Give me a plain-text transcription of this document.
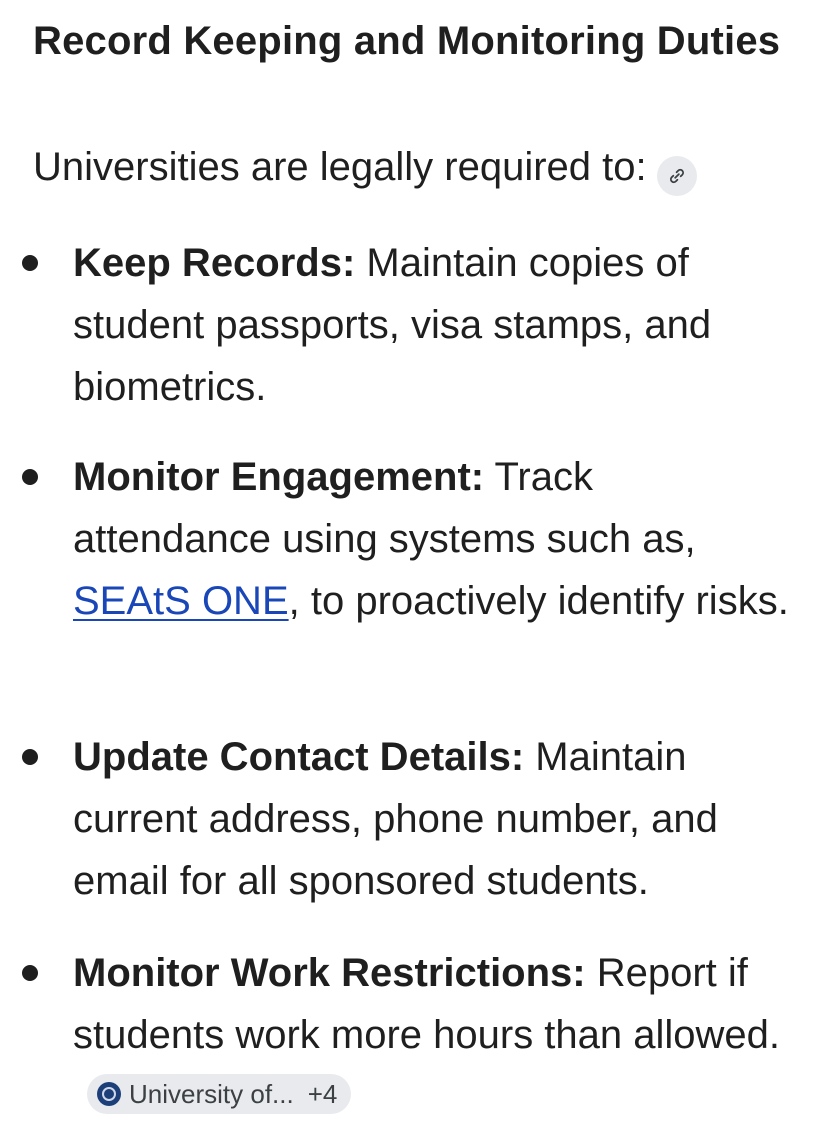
Record Keeping and Monitoring Duties

Universities are legally required to:

Keep Records: Maintain copies of student passports, visa stamps, and biometrics.

Monitor Engagement: Track attendance using systems such as, SEAtS ONE, to proactively identify risks.

Update Contact Details: Maintain current address, phone number, and email for all sponsored students.

Monitor Work Restrictions: Report if students work more hours than allowed.
University of... +4
